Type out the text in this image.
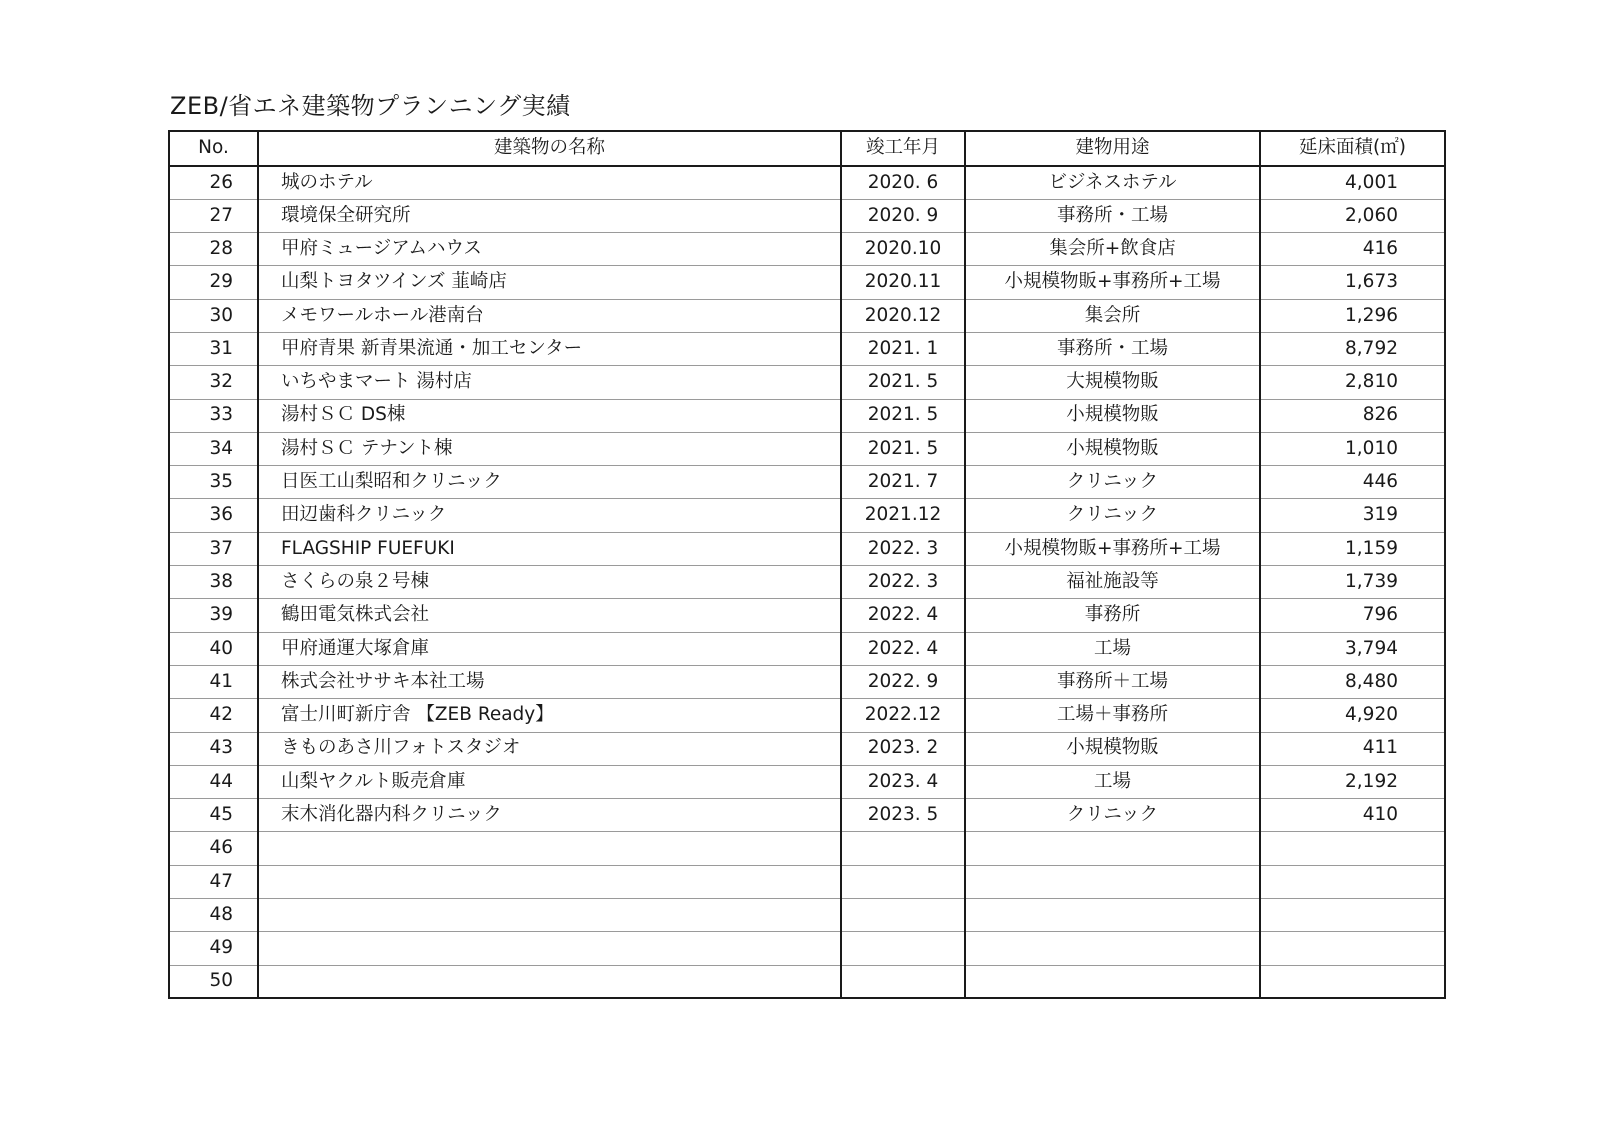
ZEB/省エネ建築物プランニング実績
No.	建築物の名称	竣工年月	建物用途	延床面積(㎡)
26	城のホテル	2020. 6	ビジネスホテル	4,001
27	環境保全研究所	2020. 9	事務所・工場	2,060
28	甲府ミュージアムハウス	2020.10	集会所+飲食店	416
29	山梨トヨタツインズ 韮崎店	2020.11	小規模物販+事務所+工場	1,673
30	メモワールホール港南台	2020.12	集会所	1,296
31	甲府青果 新青果流通・加工センター	2021. 1	事務所・工場	8,792
32	いちやまマート 湯村店	2021. 5	大規模物販	2,810
33	湯村ＳＣ DS棟	2021. 5	小規模物販	826
34	湯村ＳＣ テナント棟	2021. 5	小規模物販	1,010
35	日医工山梨昭和クリニック	2021. 7	クリニック	446
36	田辺歯科クリニック	2021.12	クリニック	319
37	FLAGSHIP FUEFUKI	2022. 3	小規模物販+事務所+工場	1,159
38	さくらの泉２号棟	2022. 3	福祉施設等	1,739
39	鶴田電気株式会社	2022. 4	事務所	796
40	甲府通運大塚倉庫	2022. 4	工場	3,794
41	株式会社ササキ本社工場	2022. 9	事務所＋工場	8,480
42	富士川町新庁舎 【ZEB Ready】	2022.12	工場＋事務所	4,920
43	きものあさ川フォトスタジオ	2023. 2	小規模物販	411
44	山梨ヤクルト販売倉庫	2023. 4	工場	2,192
45	末木消化器内科クリニック	2023. 5	クリニック	410
46				
47				
48				
49				
50				
